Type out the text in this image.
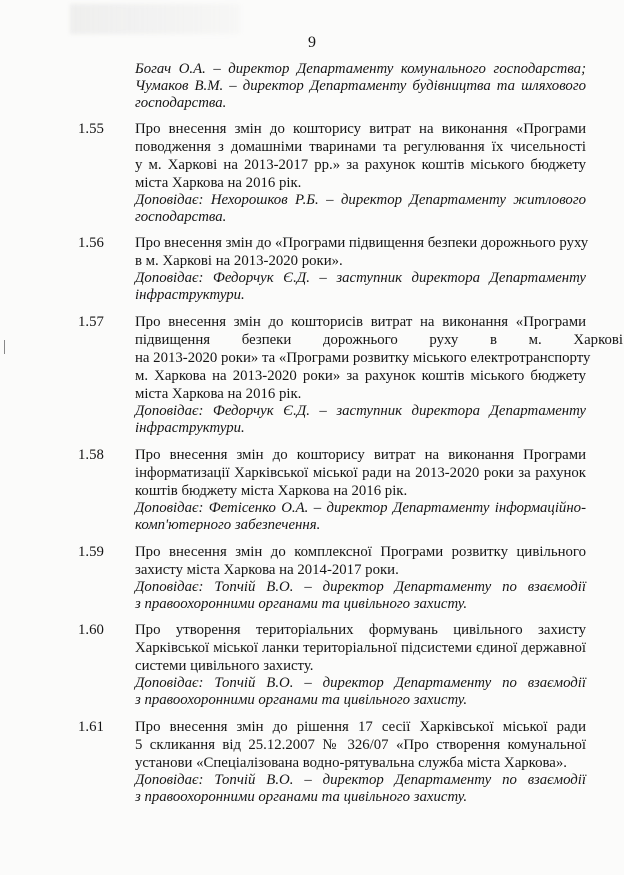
9
Богач О.А. – директор Департаменту комунального господарства;
Чумаков В.М. – директор Департаменту будівництва та шляхового
господарства.
1.55 Про внесення змін до кошторису витрат на виконання «Програми
поводження з домашніми тваринами та регулювання їх чисельності
у м. Харкові на 2013-2017 рр.» за рахунок коштів міського бюджету
міста Харкова на 2016 рік.
Доповідає: Нехорошков Р.Б. – директор Департаменту житлового
господарства.
1.56 Про внесення змін до «Програми підвищення безпеки дорожнього руху
в м. Харкові на 2013-2020 роки».
Доповідає: Федорчук Є.Д. – заступник директора Департаменту
інфраструктури.
1.57 Про внесення змін до кошторисів витрат на виконання «Програми
підвищення безпеки дорожнього руху в м. Харкові
на 2013-2020 роки» та «Програми розвитку міського електротранспорту
м. Харкова на 2013-2020 роки» за рахунок коштів міського бюджету
міста Харкова на 2016 рік.
Доповідає: Федорчук Є.Д. – заступник директора Департаменту
інфраструктури.
1.58 Про внесення змін до кошторису витрат на виконання Програми
інформатизації Харківської міської ради на 2013-2020 роки за рахунок
коштів бюджету міста Харкова на 2016 рік.
Доповідає: Фетісенко О.А. – директор Департаменту інформаційно-
комп'ютерного забезпечення.
1.59 Про внесення змін до комплексної Програми розвитку цивільного
захисту міста Харкова на 2014-2017 роки.
Доповідає: Топчій В.О. – директор Департаменту по взаємодії
з правоохоронними органами та цивільного захисту.
1.60 Про утворення територіальних формувань цивільного захисту
Харківської міської ланки територіальної підсистеми єдиної державної
системи цивільного захисту.
Доповідає: Топчій В.О. – директор Департаменту по взаємодії
з правоохоронними органами та цивільного захисту.
1.61 Про внесення змін до рішення 17 сесії Харківської міської ради
5 скликання від 25.12.2007 № 326/07 «Про створення комунальної
установи «Спеціалізована водно-рятувальна служба міста Харкова».
Доповідає: Топчій В.О. – директор Департаменту по взаємодії
з правоохоронними органами та цивільного захисту.
